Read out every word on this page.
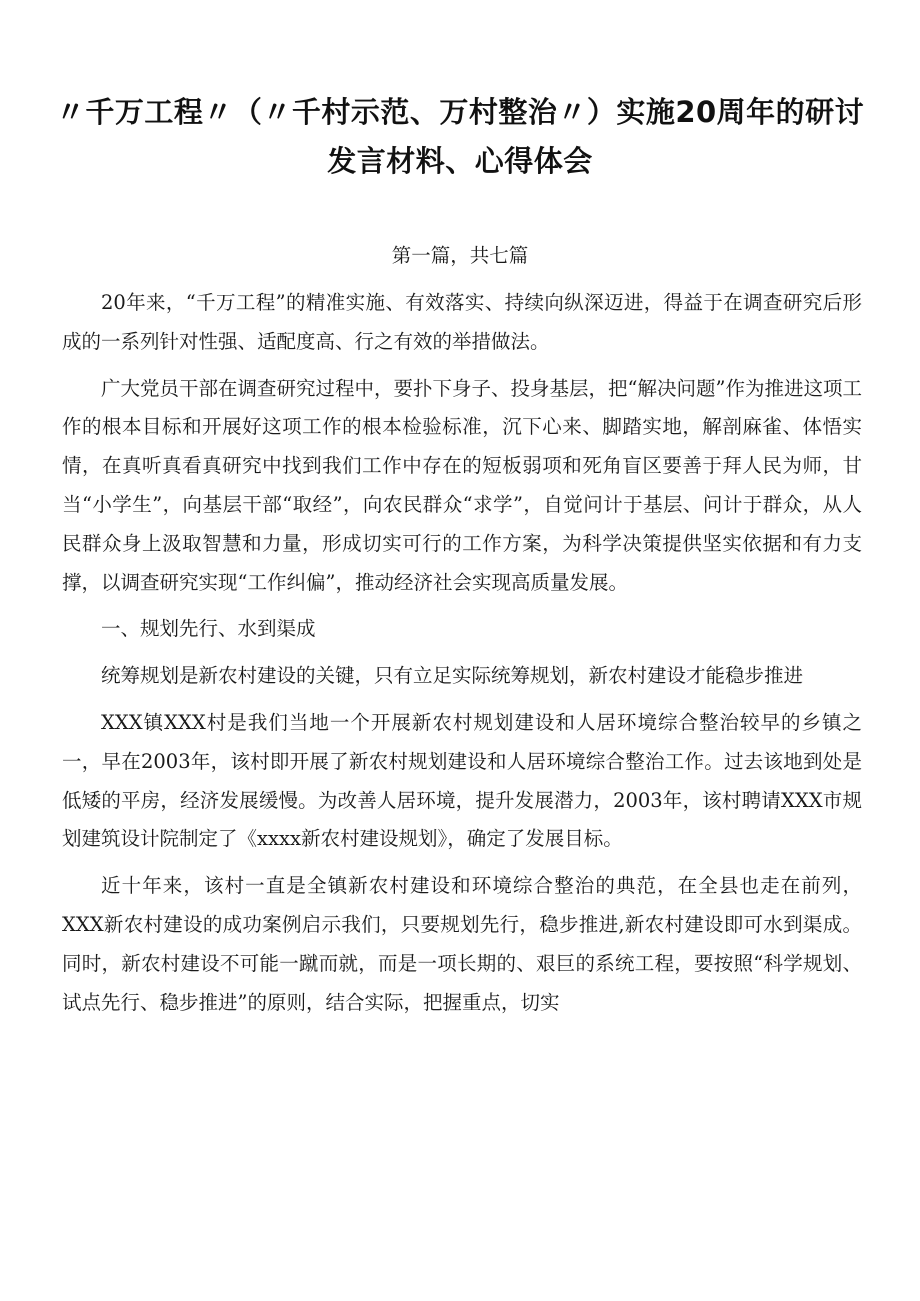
〃千万工程〃（〃千村示范、万村整治〃）实施20周年的研讨发言材料、心得体会
第一篇，共七篇

20年来，“千万工程”的精准实施、有效落实、持续向纵深迈进，得益于在调查研究后形成的一系列针对性强、适配度高、行之有效的举措做法。

广大党员干部在调查研究过程中，要扑下身子、投身基层，把“解决问题”作为推进这项工作的根本目标和开展好这项工作的根本检验标准，沉下心来、脚踏实地，解剖麻雀、体悟实情，在真听真看真研究中找到我们工作中存在的短板弱项和死角盲区要善于拜人民为师，甘当“小学生”，向基层干部“取经”，向农民群众“求学”，自觉问计于基层、问计于群众，从人民群众身上汲取智慧和力量，形成切实可行的工作方案，为科学决策提供坚实依据和有力支撑，以调查研究实现“工作纠偏”，推动经济社会实现高质量发展。

一、规划先行、水到渠成

统筹规划是新农村建设的关键，只有立足实际统筹规划，新农村建设才能稳步推进

XXX镇XXX村是我们当地一个开展新农村规划建设和人居环境综合整治较早的乡镇之一，早在2003年，该村即开展了新农村规划建设和人居环境综合整治工作。过去该地到处是低矮的平房，经济发展缓慢。为改善人居环境，提升发展潜力，2003年，该村聘请XXX市规划建筑设计院制定了《xxxx新农村建设规划》，确定了发展目标。

近十年来，该村一直是全镇新农村建设和环境综合整治的典范，在全县也走在前列，XXX新农村建设的成功案例启示我们，只要规划先行，稳步推进,新农村建设即可水到渠成。同时，新农村建设不可能一蹴而就，而是一项长期的、艰巨的系统工程，要按照“科学规划、试点先行、稳步推进”的原则，结合实际，把握重点，切实
